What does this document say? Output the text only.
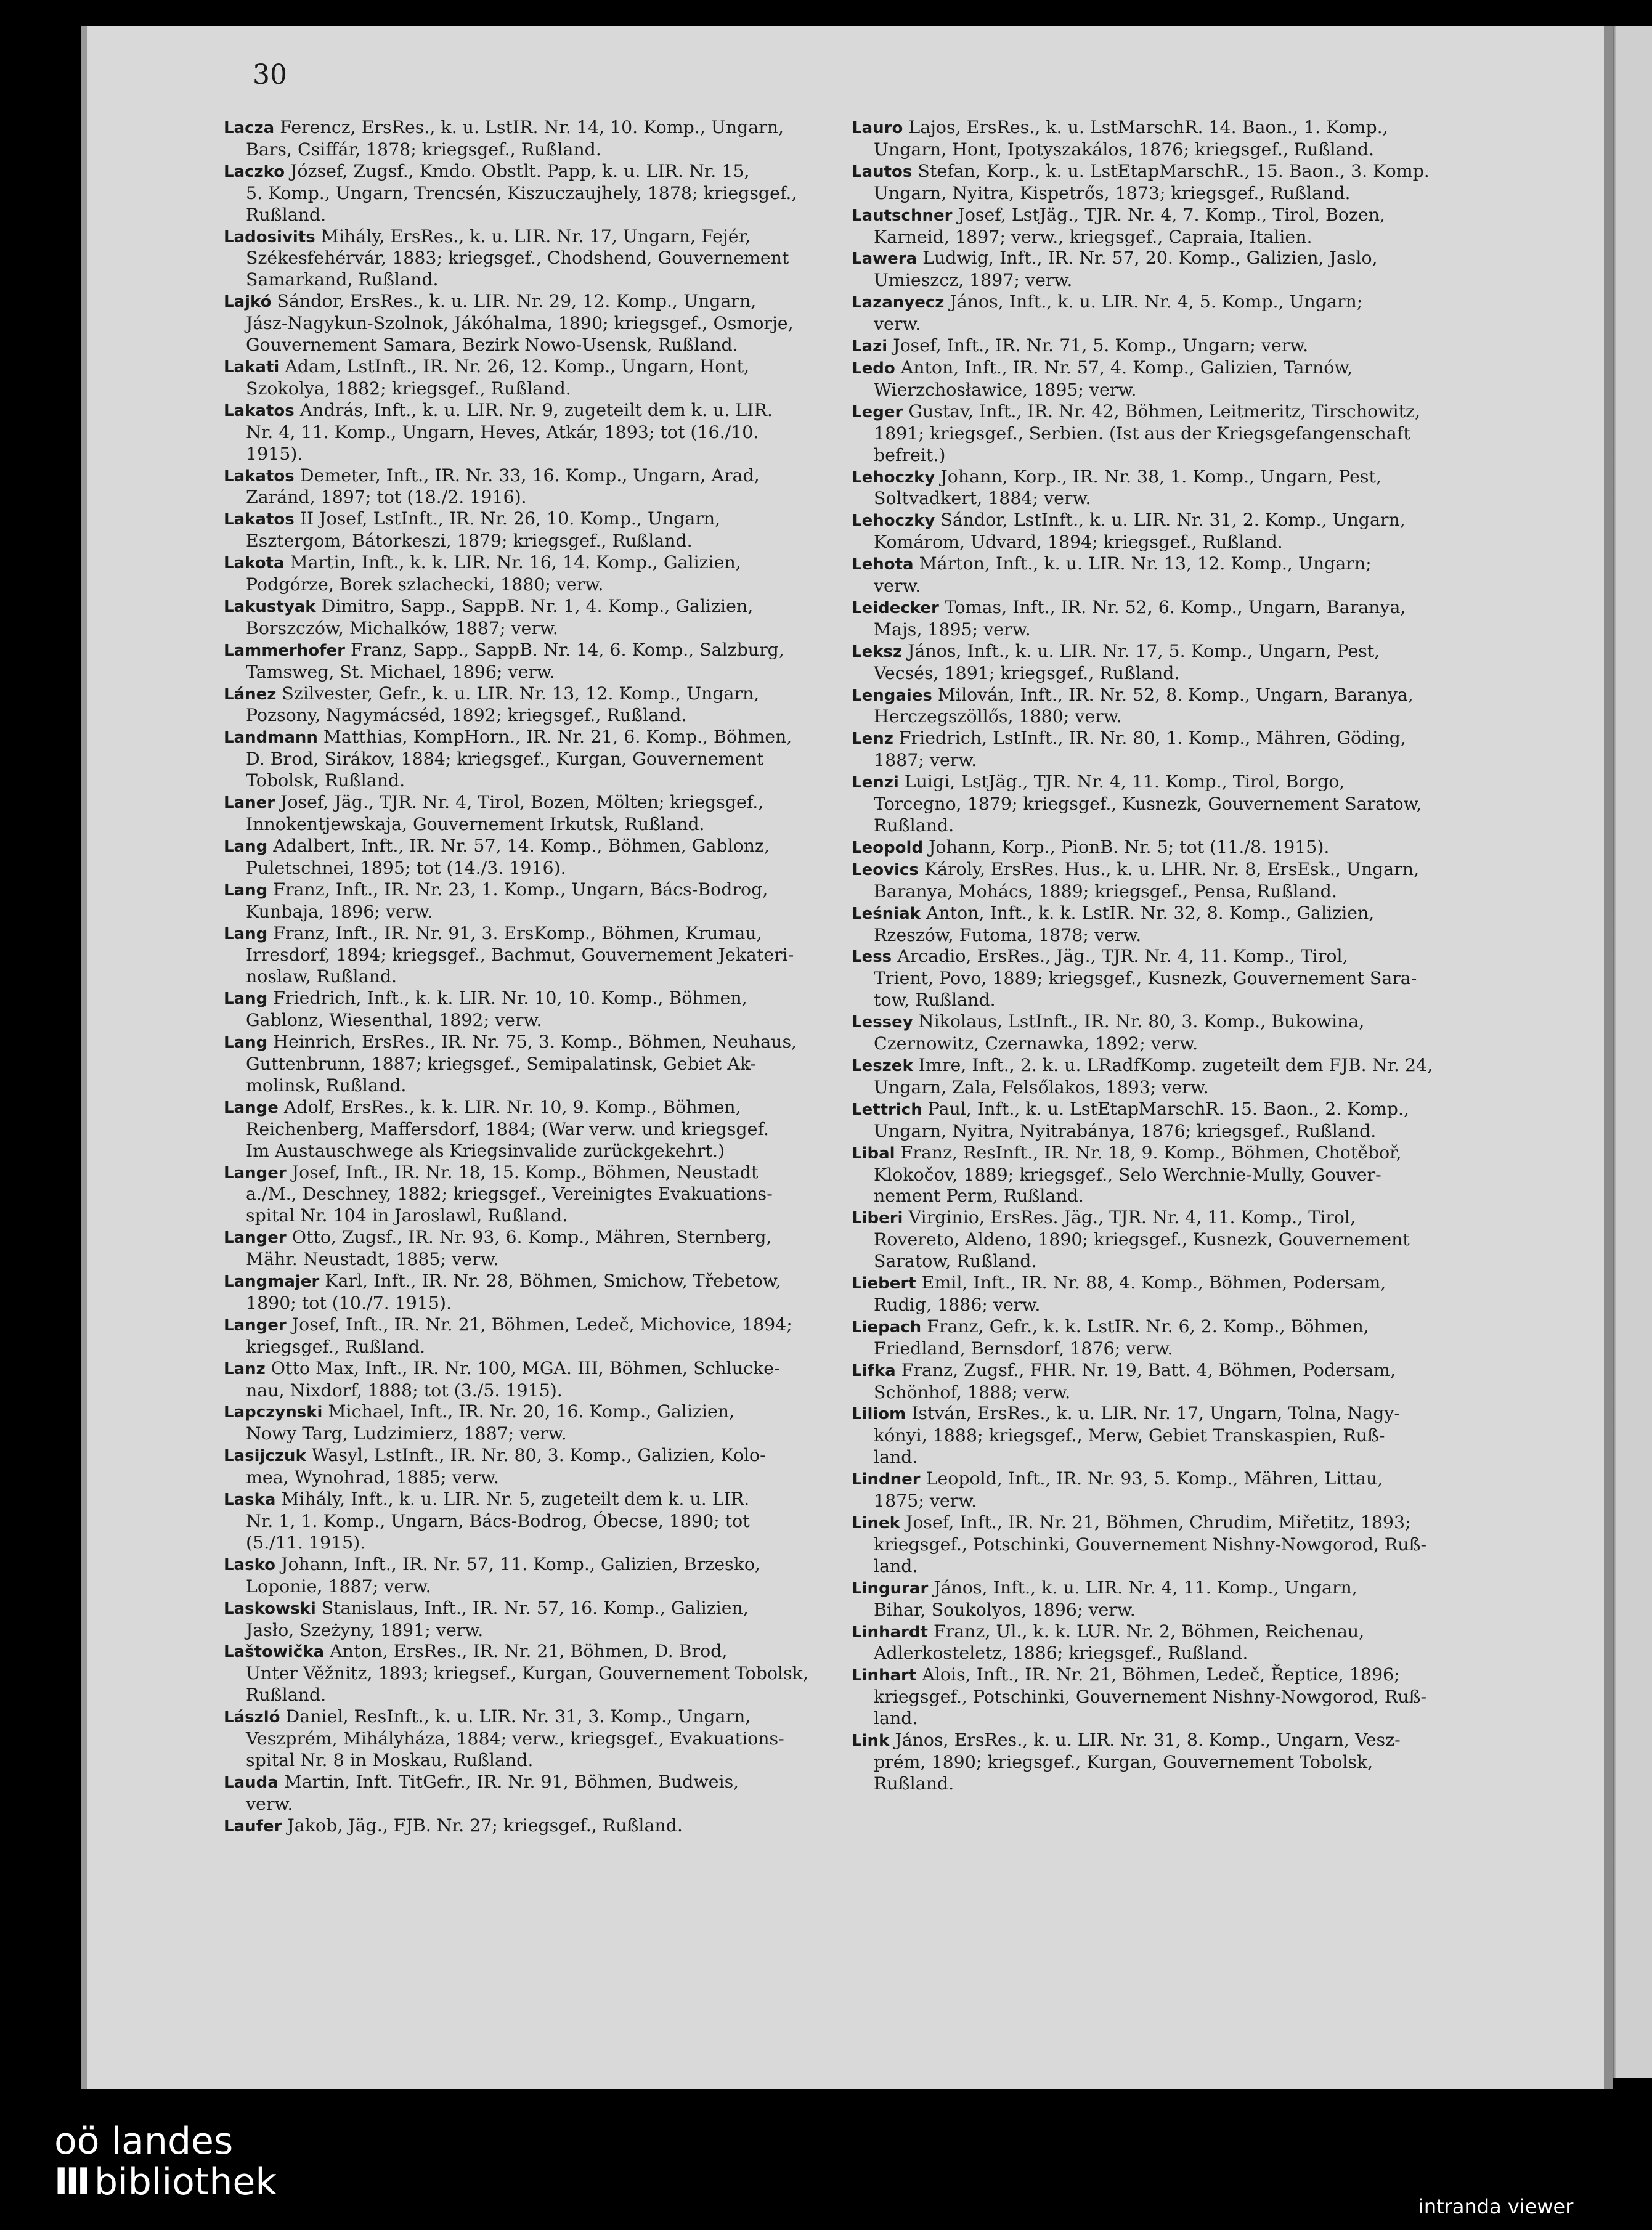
30
Lacza Ferencz, ErsRes., k. u. LstIR. Nr. 14, 10. Komp., Ungarn,
Bars, Csiffár, 1878; kriegsgef., Rußland.
Laczko József, Zugsf., Kmdo. Obstlt. Papp, k. u. LIR. Nr. 15,
5. Komp., Ungarn, Trencsén, Kiszuczaujhely, 1878; kriegsgef.,
Rußland.
Ladosivits Mihály, ErsRes., k. u. LIR. Nr. 17, Ungarn, Fejér,
Székesfehérvár, 1883; kriegsgef., Chodshend, Gouvernement
Samarkand, Rußland.
Lajkó Sándor, ErsRes., k. u. LIR. Nr. 29, 12. Komp., Ungarn,
Jász-Nagykun-Szolnok, Jákóhalma, 1890; kriegsgef., Osmorje,
Gouvernement Samara, Bezirk Nowo-Usensk, Rußland.
Lakati Adam, LstInft., IR. Nr. 26, 12. Komp., Ungarn, Hont,
Szokolya, 1882; kriegsgef., Rußland.
Lakatos András, Inft., k. u. LIR. Nr. 9, zugeteilt dem k. u. LIR.
Nr. 4, 11. Komp., Ungarn, Heves, Atkár, 1893; tot (16./10.
1915).
Lakatos Demeter, Inft., IR. Nr. 33, 16. Komp., Ungarn, Arad,
Zaránd, 1897; tot (18./2. 1916).
Lakatos II Josef, LstInft., IR. Nr. 26, 10. Komp., Ungarn,
Esztergom, Bátorkeszi, 1879; kriegsgef., Rußland.
Lakota Martin, Inft., k. k. LIR. Nr. 16, 14. Komp., Galizien,
Podgórze, Borek szlachecki, 1880; verw.
Lakustyak Dimitro, Sapp., SappB. Nr. 1, 4. Komp., Galizien,
Borszczów, Michalków, 1887; verw.
Lammerhofer Franz, Sapp., SappB. Nr. 14, 6. Komp., Salzburg,
Tamsweg, St. Michael, 1896; verw.
Lánez Szilvester, Gefr., k. u. LIR. Nr. 13, 12. Komp., Ungarn,
Pozsony, Nagymácséd, 1892; kriegsgef., Rußland.
Landmann Matthias, KompHorn., IR. Nr. 21, 6. Komp., Böhmen,
D. Brod, Sirákov, 1884; kriegsgef., Kurgan, Gouvernement
Tobolsk, Rußland.
Laner Josef, Jäg., TJR. Nr. 4, Tirol, Bozen, Mölten; kriegsgef.,
Innokentjewskaja, Gouvernement Irkutsk, Rußland.
Lang Adalbert, Inft., IR. Nr. 57, 14. Komp., Böhmen, Gablonz,
Puletschnei, 1895; tot (14./3. 1916).
Lang Franz, Inft., IR. Nr. 23, 1. Komp., Ungarn, Bács-Bodrog,
Kunbaja, 1896; verw.
Lang Franz, Inft., IR. Nr. 91, 3. ErsKomp., Böhmen, Krumau,
Irresdorf, 1894; kriegsgef., Bachmut, Gouvernement Jekateri-
noslaw, Rußland.
Lang Friedrich, Inft., k. k. LIR. Nr. 10, 10. Komp., Böhmen,
Gablonz, Wiesenthal, 1892; verw.
Lang Heinrich, ErsRes., IR. Nr. 75, 3. Komp., Böhmen, Neuhaus,
Guttenbrunn, 1887; kriegsgef., Semipalatinsk, Gebiet Ak-
molinsk, Rußland.
Lange Adolf, ErsRes., k. k. LIR. Nr. 10, 9. Komp., Böhmen,
Reichenberg, Maffersdorf, 1884; (War verw. und kriegsgef.
Im Austauschwege als Kriegsinvalide zurückgekehrt.)
Langer Josef, Inft., IR. Nr. 18, 15. Komp., Böhmen, Neustadt
a./M., Deschney, 1882; kriegsgef., Vereinigtes Evakuations-
spital Nr. 104 in Jaroslawl, Rußland.
Langer Otto, Zugsf., IR. Nr. 93, 6. Komp., Mähren, Sternberg,
Mähr. Neustadt, 1885; verw.
Langmajer Karl, Inft., IR. Nr. 28, Böhmen, Smichow, Třebetow,
1890; tot (10./7. 1915).
Langer Josef, Inft., IR. Nr. 21, Böhmen, Ledeč, Michovice, 1894;
kriegsgef., Rußland.
Lanz Otto Max, Inft., IR. Nr. 100, MGA. III, Böhmen, Schlucke-
nau, Nixdorf, 1888; tot (3./5. 1915).
Lapczynski Michael, Inft., IR. Nr. 20, 16. Komp., Galizien,
Nowy Targ, Ludzimierz, 1887; verw.
Lasijczuk Wasyl, LstInft., IR. Nr. 80, 3. Komp., Galizien, Kolo-
mea, Wynohrad, 1885; verw.
Laska Mihály, Inft., k. u. LIR. Nr. 5, zugeteilt dem k. u. LIR.
Nr. 1, 1. Komp., Ungarn, Bács-Bodrog, Óbecse, 1890; tot
(5./11. 1915).
Lasko Johann, Inft., IR. Nr. 57, 11. Komp., Galizien, Brzesko,
Loponie, 1887; verw.
Laskowski Stanislaus, Inft., IR. Nr. 57, 16. Komp., Galizien,
Jasło, Szeżyny, 1891; verw.
Laštowička Anton, ErsRes., IR. Nr. 21, Böhmen, D. Brod,
Unter Věžnitz, 1893; kriegsef., Kurgan, Gouvernement Tobolsk,
Rußland.
László Daniel, ResInft., k. u. LIR. Nr. 31, 3. Komp., Ungarn,
Veszprém, Mihályháza, 1884; verw., kriegsgef., Evakuations-
spital Nr. 8 in Moskau, Rußland.
Lauda Martin, Inft. TitGefr., IR. Nr. 91, Böhmen, Budweis,
verw.
Laufer Jakob, Jäg., FJB. Nr. 27; kriegsgef., Rußland.
Lauro Lajos, ErsRes., k. u. LstMarschR. 14. Baon., 1. Komp.,
Ungarn, Hont, Ipotyszakálos, 1876; kriegsgef., Rußland.
Lautos Stefan, Korp., k. u. LstEtapMarschR., 15. Baon., 3. Komp.
Ungarn, Nyitra, Kispetrős, 1873; kriegsgef., Rußland.
Lautschner Josef, LstJäg., TJR. Nr. 4, 7. Komp., Tirol, Bozen,
Karneid, 1897; verw., kriegsgef., Capraia, Italien.
Lawera Ludwig, Inft., IR. Nr. 57, 20. Komp., Galizien, Jaslo,
Umieszcz, 1897; verw.
Lazanyecz János, Inft., k. u. LIR. Nr. 4, 5. Komp., Ungarn;
verw.
Lazi Josef, Inft., IR. Nr. 71, 5. Komp., Ungarn; verw.
Ledo Anton, Inft., IR. Nr. 57, 4. Komp., Galizien, Tarnów,
Wierzchosławice, 1895; verw.
Leger Gustav, Inft., IR. Nr. 42, Böhmen, Leitmeritz, Tirschowitz,
1891; kriegsgef., Serbien. (Ist aus der Kriegsgefangenschaft
befreit.)
Lehoczky Johann, Korp., IR. Nr. 38, 1. Komp., Ungarn, Pest,
Soltvadkert, 1884; verw.
Lehoczky Sándor, LstInft., k. u. LIR. Nr. 31, 2. Komp., Ungarn,
Komárom, Udvard, 1894; kriegsgef., Rußland.
Lehota Márton, Inft., k. u. LIR. Nr. 13, 12. Komp., Ungarn;
verw.
Leidecker Tomas, Inft., IR. Nr. 52, 6. Komp., Ungarn, Baranya,
Majs, 1895; verw.
Leksz János, Inft., k. u. LIR. Nr. 17, 5. Komp., Ungarn, Pest,
Vecsés, 1891; kriegsgef., Rußland.
Lengaies Milován, Inft., IR. Nr. 52, 8. Komp., Ungarn, Baranya,
Herczegszöllős, 1880; verw.
Lenz Friedrich, LstInft., IR. Nr. 80, 1. Komp., Mähren, Göding,
1887; verw.
Lenzi Luigi, LstJäg., TJR. Nr. 4, 11. Komp., Tirol, Borgo,
Torcegno, 1879; kriegsgef., Kusnezk, Gouvernement Saratow,
Rußland.
Leopold Johann, Korp., PionB. Nr. 5; tot (11./8. 1915).
Leovics Károly, ErsRes. Hus., k. u. LHR. Nr. 8, ErsEsk., Ungarn,
Baranya, Mohács, 1889; kriegsgef., Pensa, Rußland.
Leśniak Anton, Inft., k. k. LstIR. Nr. 32, 8. Komp., Galizien,
Rzeszów, Futoma, 1878; verw.
Less Arcadio, ErsRes., Jäg., TJR. Nr. 4, 11. Komp., Tirol,
Trient, Povo, 1889; kriegsgef., Kusnezk, Gouvernement Sara-
tow, Rußland.
Lessey Nikolaus, LstInft., IR. Nr. 80, 3. Komp., Bukowina,
Czernowitz, Czernawka, 1892; verw.
Leszek Imre, Inft., 2. k. u. LRadfKomp. zugeteilt dem FJB. Nr. 24,
Ungarn, Zala, Felsőlakos, 1893; verw.
Lettrich Paul, Inft., k. u. LstEtapMarschR. 15. Baon., 2. Komp.,
Ungarn, Nyitra, Nyitrabánya, 1876; kriegsgef., Rußland.
Libal Franz, ResInft., IR. Nr. 18, 9. Komp., Böhmen, Chotěboř,
Klokočov, 1889; kriegsgef., Selo Werchnie-Mully, Gouver-
nement Perm, Rußland.
Liberi Virginio, ErsRes. Jäg., TJR. Nr. 4, 11. Komp., Tirol,
Rovereto, Aldeno, 1890; kriegsgef., Kusnezk, Gouvernement
Saratow, Rußland.
Liebert Emil, Inft., IR. Nr. 88, 4. Komp., Böhmen, Podersam,
Rudig, 1886; verw.
Liepach Franz, Gefr., k. k. LstIR. Nr. 6, 2. Komp., Böhmen,
Friedland, Bernsdorf, 1876; verw.
Lifka Franz, Zugsf., FHR. Nr. 19, Batt. 4, Böhmen, Podersam,
Schönhof, 1888; verw.
Liliom István, ErsRes., k. u. LIR. Nr. 17, Ungarn, Tolna, Nagy-
kónyi, 1888; kriegsgef., Merw, Gebiet Transkaspien, Ruß-
land.
Lindner Leopold, Inft., IR. Nr. 93, 5. Komp., Mähren, Littau,
1875; verw.
Linek Josef, Inft., IR. Nr. 21, Böhmen, Chrudim, Miřetitz, 1893;
kriegsgef., Potschinki, Gouvernement Nishny-Nowgorod, Ruß-
land.
Lingurar János, Inft., k. u. LIR. Nr. 4, 11. Komp., Ungarn,
Bihar, Soukolyos, 1896; verw.
Linhardt Franz, Ul., k. k. LUR. Nr. 2, Böhmen, Reichenau,
Adlerkosteletz, 1886; kriegsgef., Rußland.
Linhart Alois, Inft., IR. Nr. 21, Böhmen, Ledeč, Řeptice, 1896;
kriegsgef., Potschinki, Gouvernement Nishny-Nowgorod, Ruß-
land.
Link János, ErsRes., k. u. LIR. Nr. 31, 8. Komp., Ungarn, Vesz-
prém, 1890; kriegsgef., Kurgan, Gouvernement Tobolsk,
Rußland.
oö landes
III bibliothek
intranda viewer
